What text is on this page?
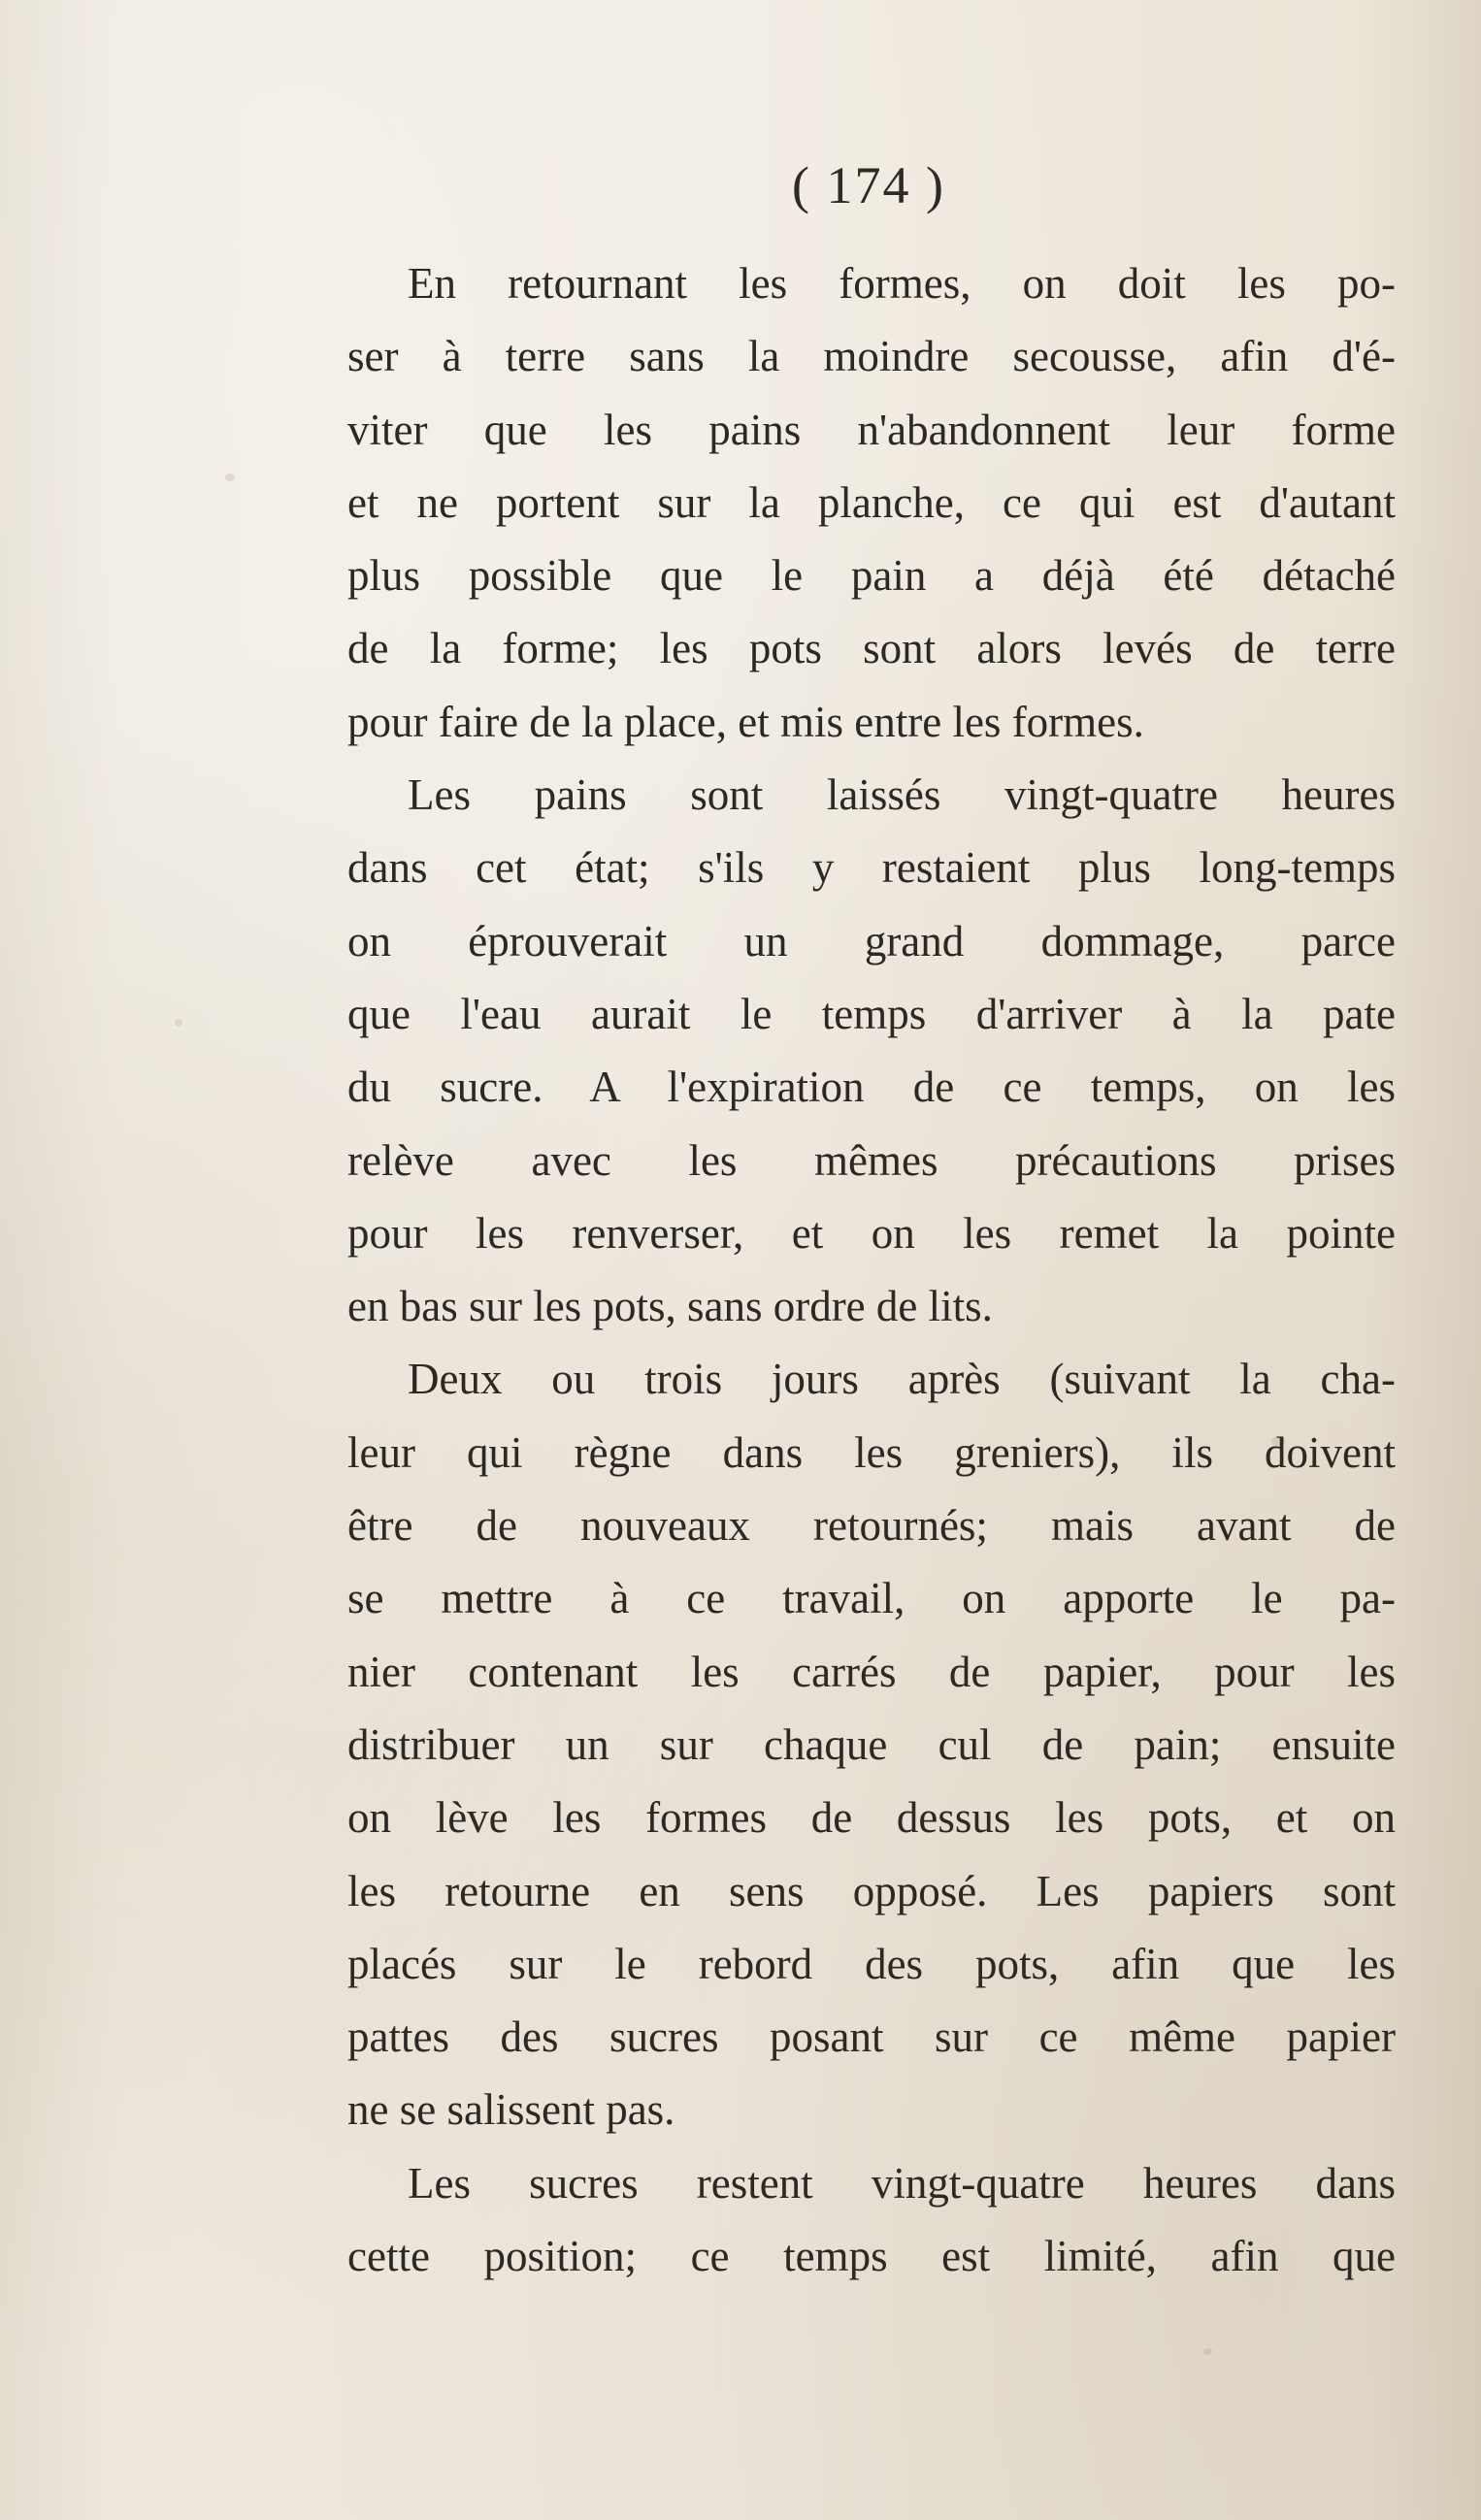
( 174 )
En retournant les formes, on doit les po-
ser à terre sans la moindre secousse, afin d'é-
viter que les pains n'abandonnent leur forme
et ne portent sur la planche, ce qui est d'autant
plus possible que le pain a déjà été détaché
de la forme; les pots sont alors levés de terre
pour faire de la place, et mis entre les formes.
Les pains sont laissés vingt-quatre heures
dans cet état; s'ils y restaient plus long-temps
on éprouverait un grand dommage, parce
que l'eau aurait le temps d'arriver à la pate
du sucre. A l'expiration de ce temps, on les
relève avec les mêmes précautions prises
pour les renverser, et on les remet la pointe
en bas sur les pots, sans ordre de lits.
Deux ou trois jours après (suivant la cha-
leur qui règne dans les greniers), ils doivent
être de nouveaux retournés; mais avant de
se mettre à ce travail, on apporte le pa-
nier contenant les carrés de papier, pour les
distribuer un sur chaque cul de pain; ensuite
on lève les formes de dessus les pots, et on
les retourne en sens opposé. Les papiers sont
placés sur le rebord des pots, afin que les
pattes des sucres posant sur ce même papier
ne se salissent pas.
Les sucres restent vingt-quatre heures dans
cette position; ce temps est limité, afin que
